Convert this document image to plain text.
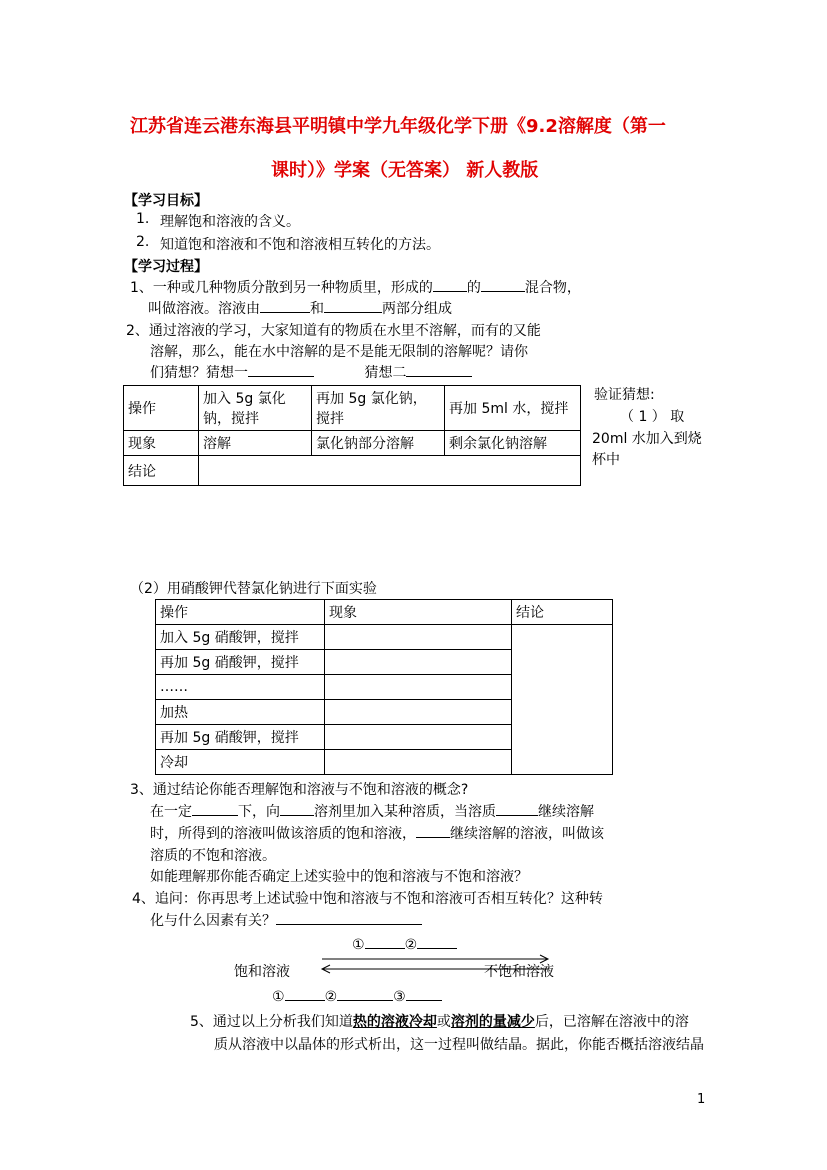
江苏省连云港东海县平明镇中学九年级化学下册《9.2溶解度（第一
课时）》学案（无答案） 新人教版
【学习目标】
1. 理解饱和溶液的含义。
2. 知道饱和溶液和不饱和溶液相互转化的方法。
【学习过程】
1、一种或几种物质分散到另一种物质里，形成的 的	混合物，
叫做溶液。溶液由	和	两部分组成
2、通过溶液的学习，大家知道有的物质在水里不溶解，而有的又能
溶解，那么，能在水中溶解的是不是能无限制的溶解呢？请你
们猜想？猜想一	猜想二
验证猜想:
（ 1 ） 取
20ml 水加入到烧
杯中
操作	加入 5g 氯化钠，搅拌	再加 5g 氯化钠，搅拌	再加 5ml 水，搅拌
现象	溶解	氯化钠部分溶解	剩余氯化钠溶解
结论			
（2）用硝酸钾代替氯化钠进行下面实验
操作	现象	结论
加入 5g 硝酸钾，搅拌		
再加 5g 硝酸钾，搅拌		
……		
加热		
再加 5g 硝酸钾，搅拌		
冷却		
3、通过结论你能否理解饱和溶液与不饱和溶液的概念?
在一定	下，向 溶剂里加入某种溶质，当溶质	继续溶解
时，所得到的溶液叫做该溶质的饱和溶液， 继续溶解的溶液，叫做该
溶质的不饱和溶液。
如能理解那你能否确定上述实验中的饱和溶液与不饱和溶液？
4、追问：你再思考上述试验中饱和溶液与不饱和溶液可否相互转化？这种转
化与什么因素有关？
①	②
饱和溶液	不饱和溶液
①	②	③
5、通过以上分析我们知道热的溶液冷却或溶剂的量减少后，已溶解在溶液中的溶
质从溶液中以晶体的形式析出，这一过程叫做结晶。据此，你能否概括溶液结晶
1
